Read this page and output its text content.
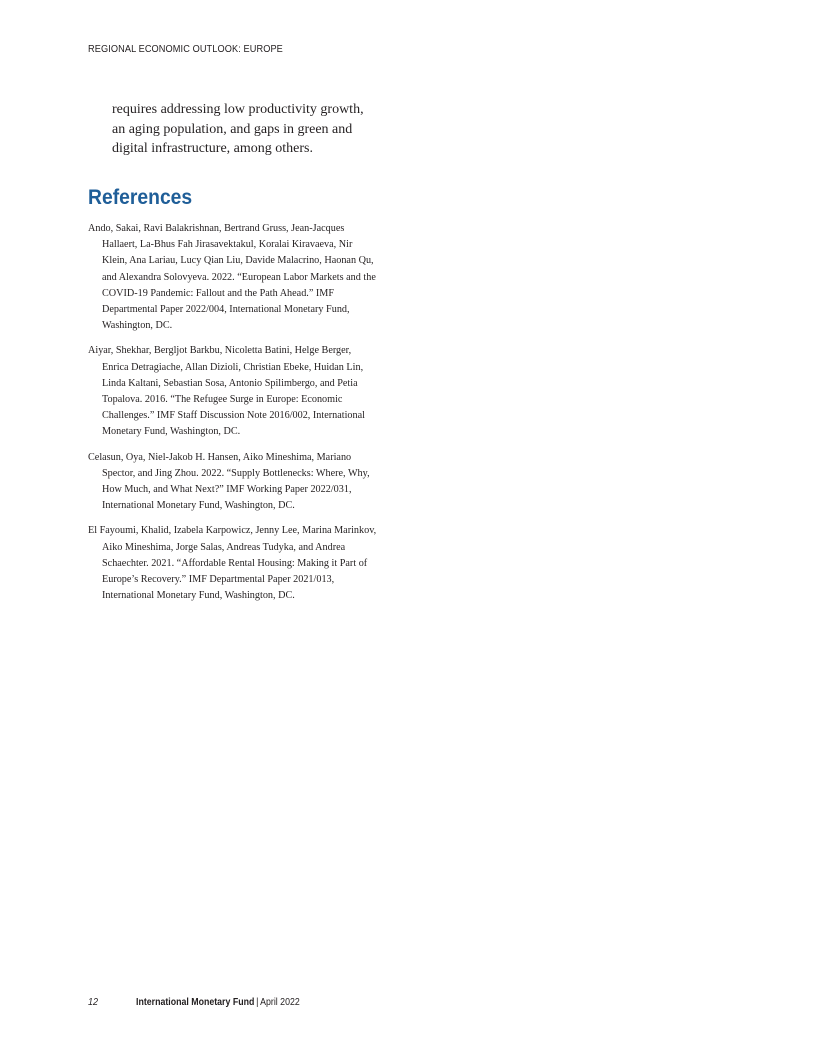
REGIONAL ECONOMIC OUTLOOK: EUROPE

requires addressing low productivity growth,

an aging population, and gaps in green and

digital infrastructure, among others.

References
Ando, Sakai, Ravi Balakrishnan, Bertrand Gruss, Jean-Jacques Hallaert, La-Bhus Fah Jirasavektakul, Koralai Kiravaeva, Nir Klein, Ana Lariau, Lucy Qian Liu, Davide Malacrino, Haonan Qu, and Alexandra Solovyeva. 2022. “European Labor Markets and the COVID-19 Pandemic: Fallout and the Path Ahead.” IMF Departmental Paper 2022/004, International Monetary Fund, Washington, DC.
Aiyar, Shekhar, Bergljot Barkbu, Nicoletta Batini, Helge Berger, Enrica Detragiache, Allan Dizioli, Christian Ebeke, Huidan Lin, Linda Kaltani, Sebastian Sosa, Antonio Spilimbergo, and Petia Topalova. 2016. “The Refugee Surge in Europe: Economic Challenges.” IMF Staff Discussion Note 2016/002, International Monetary Fund, Washington, DC.
Celasun, Oya, Niel-Jakob H. Hansen, Aiko Mineshima, Mariano Spector, and Jing Zhou. 2022. “Supply Bottlenecks: Where, Why, How Much, and What Next?” IMF Working Paper 2022/031, International Monetary Fund, Washington, DC.
El Fayoumi, Khalid, Izabela Karpowicz, Jenny Lee, Marina Marinkov, Aiko Mineshima, Jorge Salas, Andreas Tudyka, and Andrea Schaechter. 2021. “Affordable Rental Housing: Making it Part of Europe’s Recovery.” IMF Departmental Paper 2021/013, International Monetary Fund, Washington, DC.
12	International Monetary Fund | April 2022
